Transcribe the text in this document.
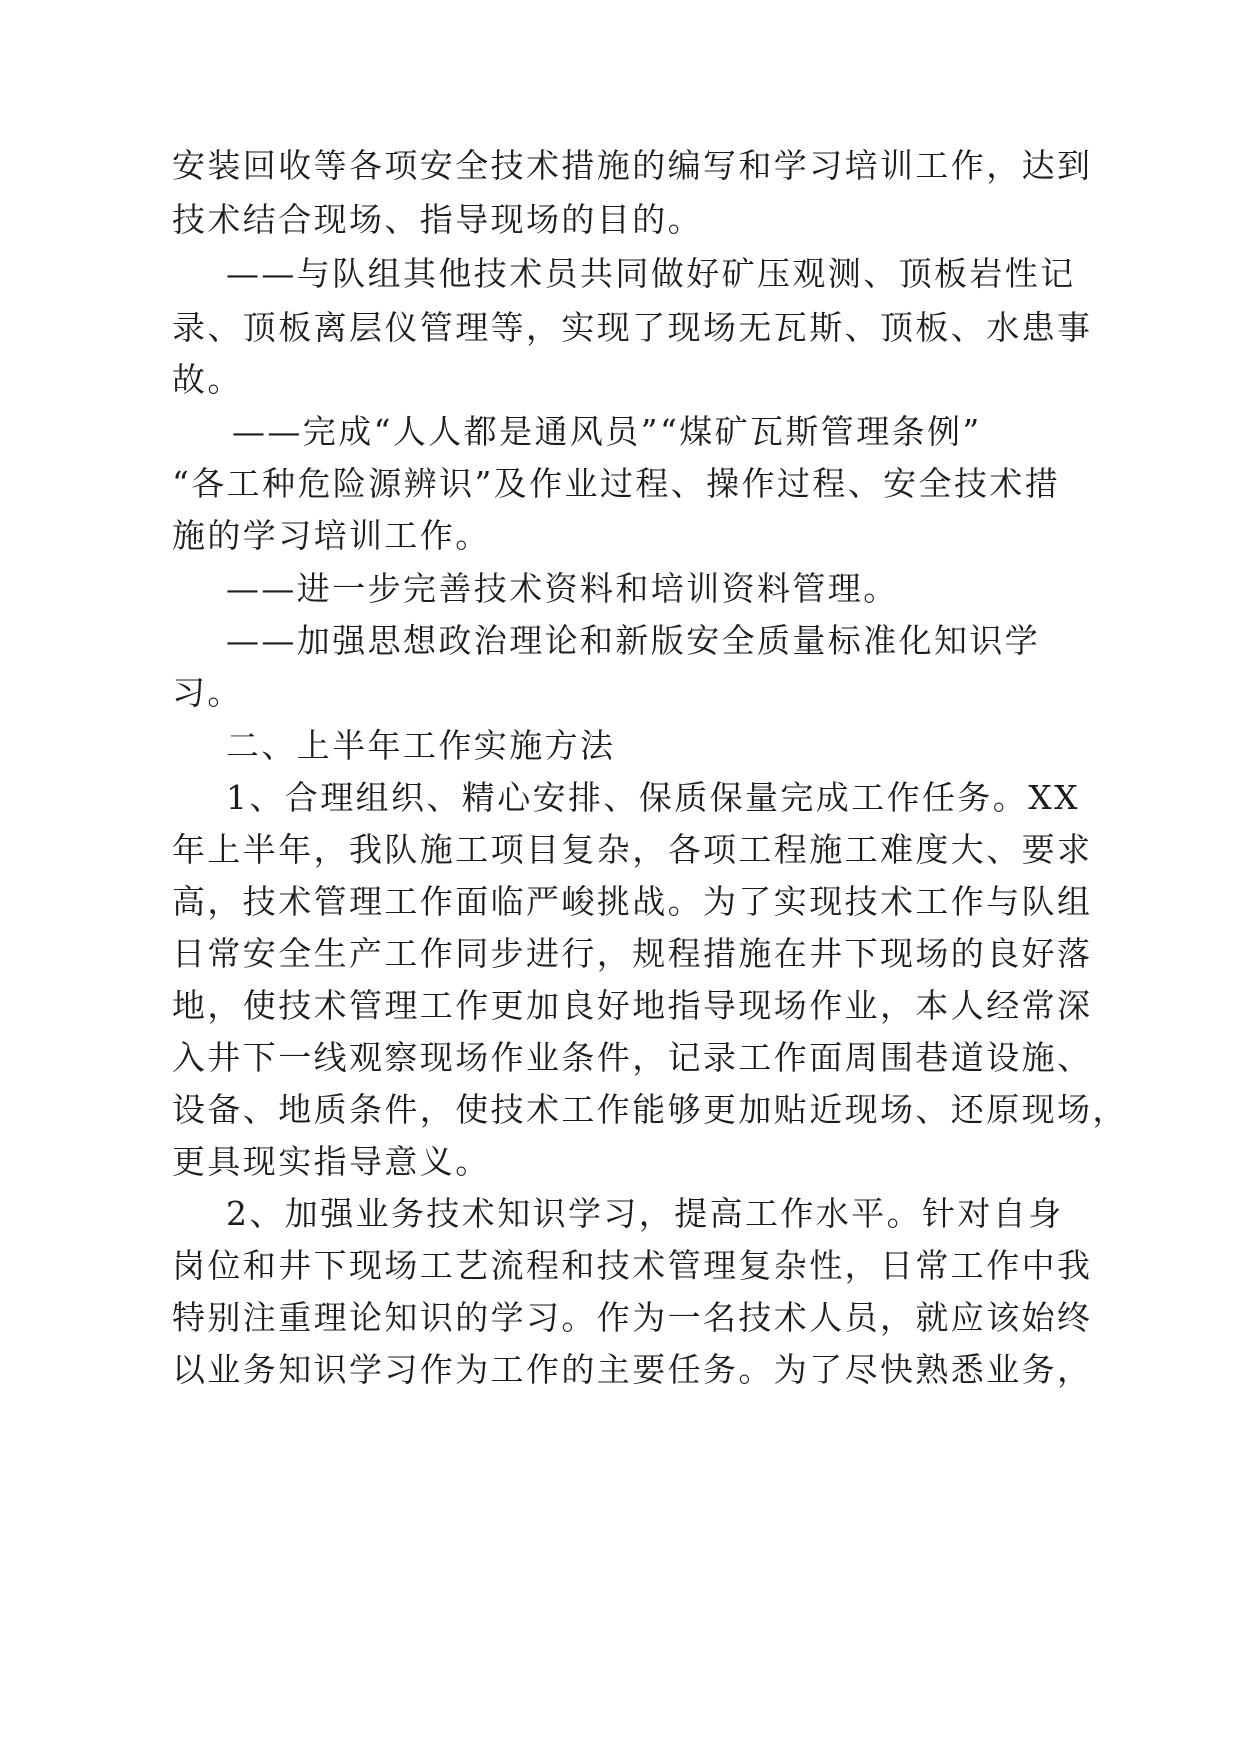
安装回收等各项安全技术措施的编写和学习培训工作，达到
技术结合现场、指导现场的目的。
——与队组其他技术员共同做好矿压观测、顶板岩性记
录、顶板离层仪管理等，实现了现场无瓦斯、顶板、水患事
故。
——完成“人人都是通风员”“煤矿瓦斯管理条例”
“各工种危险源辨识”及作业过程、操作过程、安全技术措
施的学习培训工作。
——进一步完善技术资料和培训资料管理。
——加强思想政治理论和新版安全质量标准化知识学
习。
二、上半年工作实施方法
1、合理组织、精心安排、保质保量完成工作任务。XX
年上半年，我队施工项目复杂，各项工程施工难度大、要求
高，技术管理工作面临严峻挑战。为了实现技术工作与队组
日常安全生产工作同步进行，规程措施在井下现场的良好落
地，使技术管理工作更加良好地指导现场作业，本人经常深
入井下一线观察现场作业条件，记录工作面周围巷道设施、
设备、地质条件，使技术工作能够更加贴近现场、还原现场，
更具现实指导意义。
2、加强业务技术知识学习，提高工作水平。针对自身
岗位和井下现场工艺流程和技术管理复杂性，日常工作中我
特别注重理论知识的学习。作为一名技术人员，就应该始终
以业务知识学习作为工作的主要任务。为了尽快熟悉业务，
